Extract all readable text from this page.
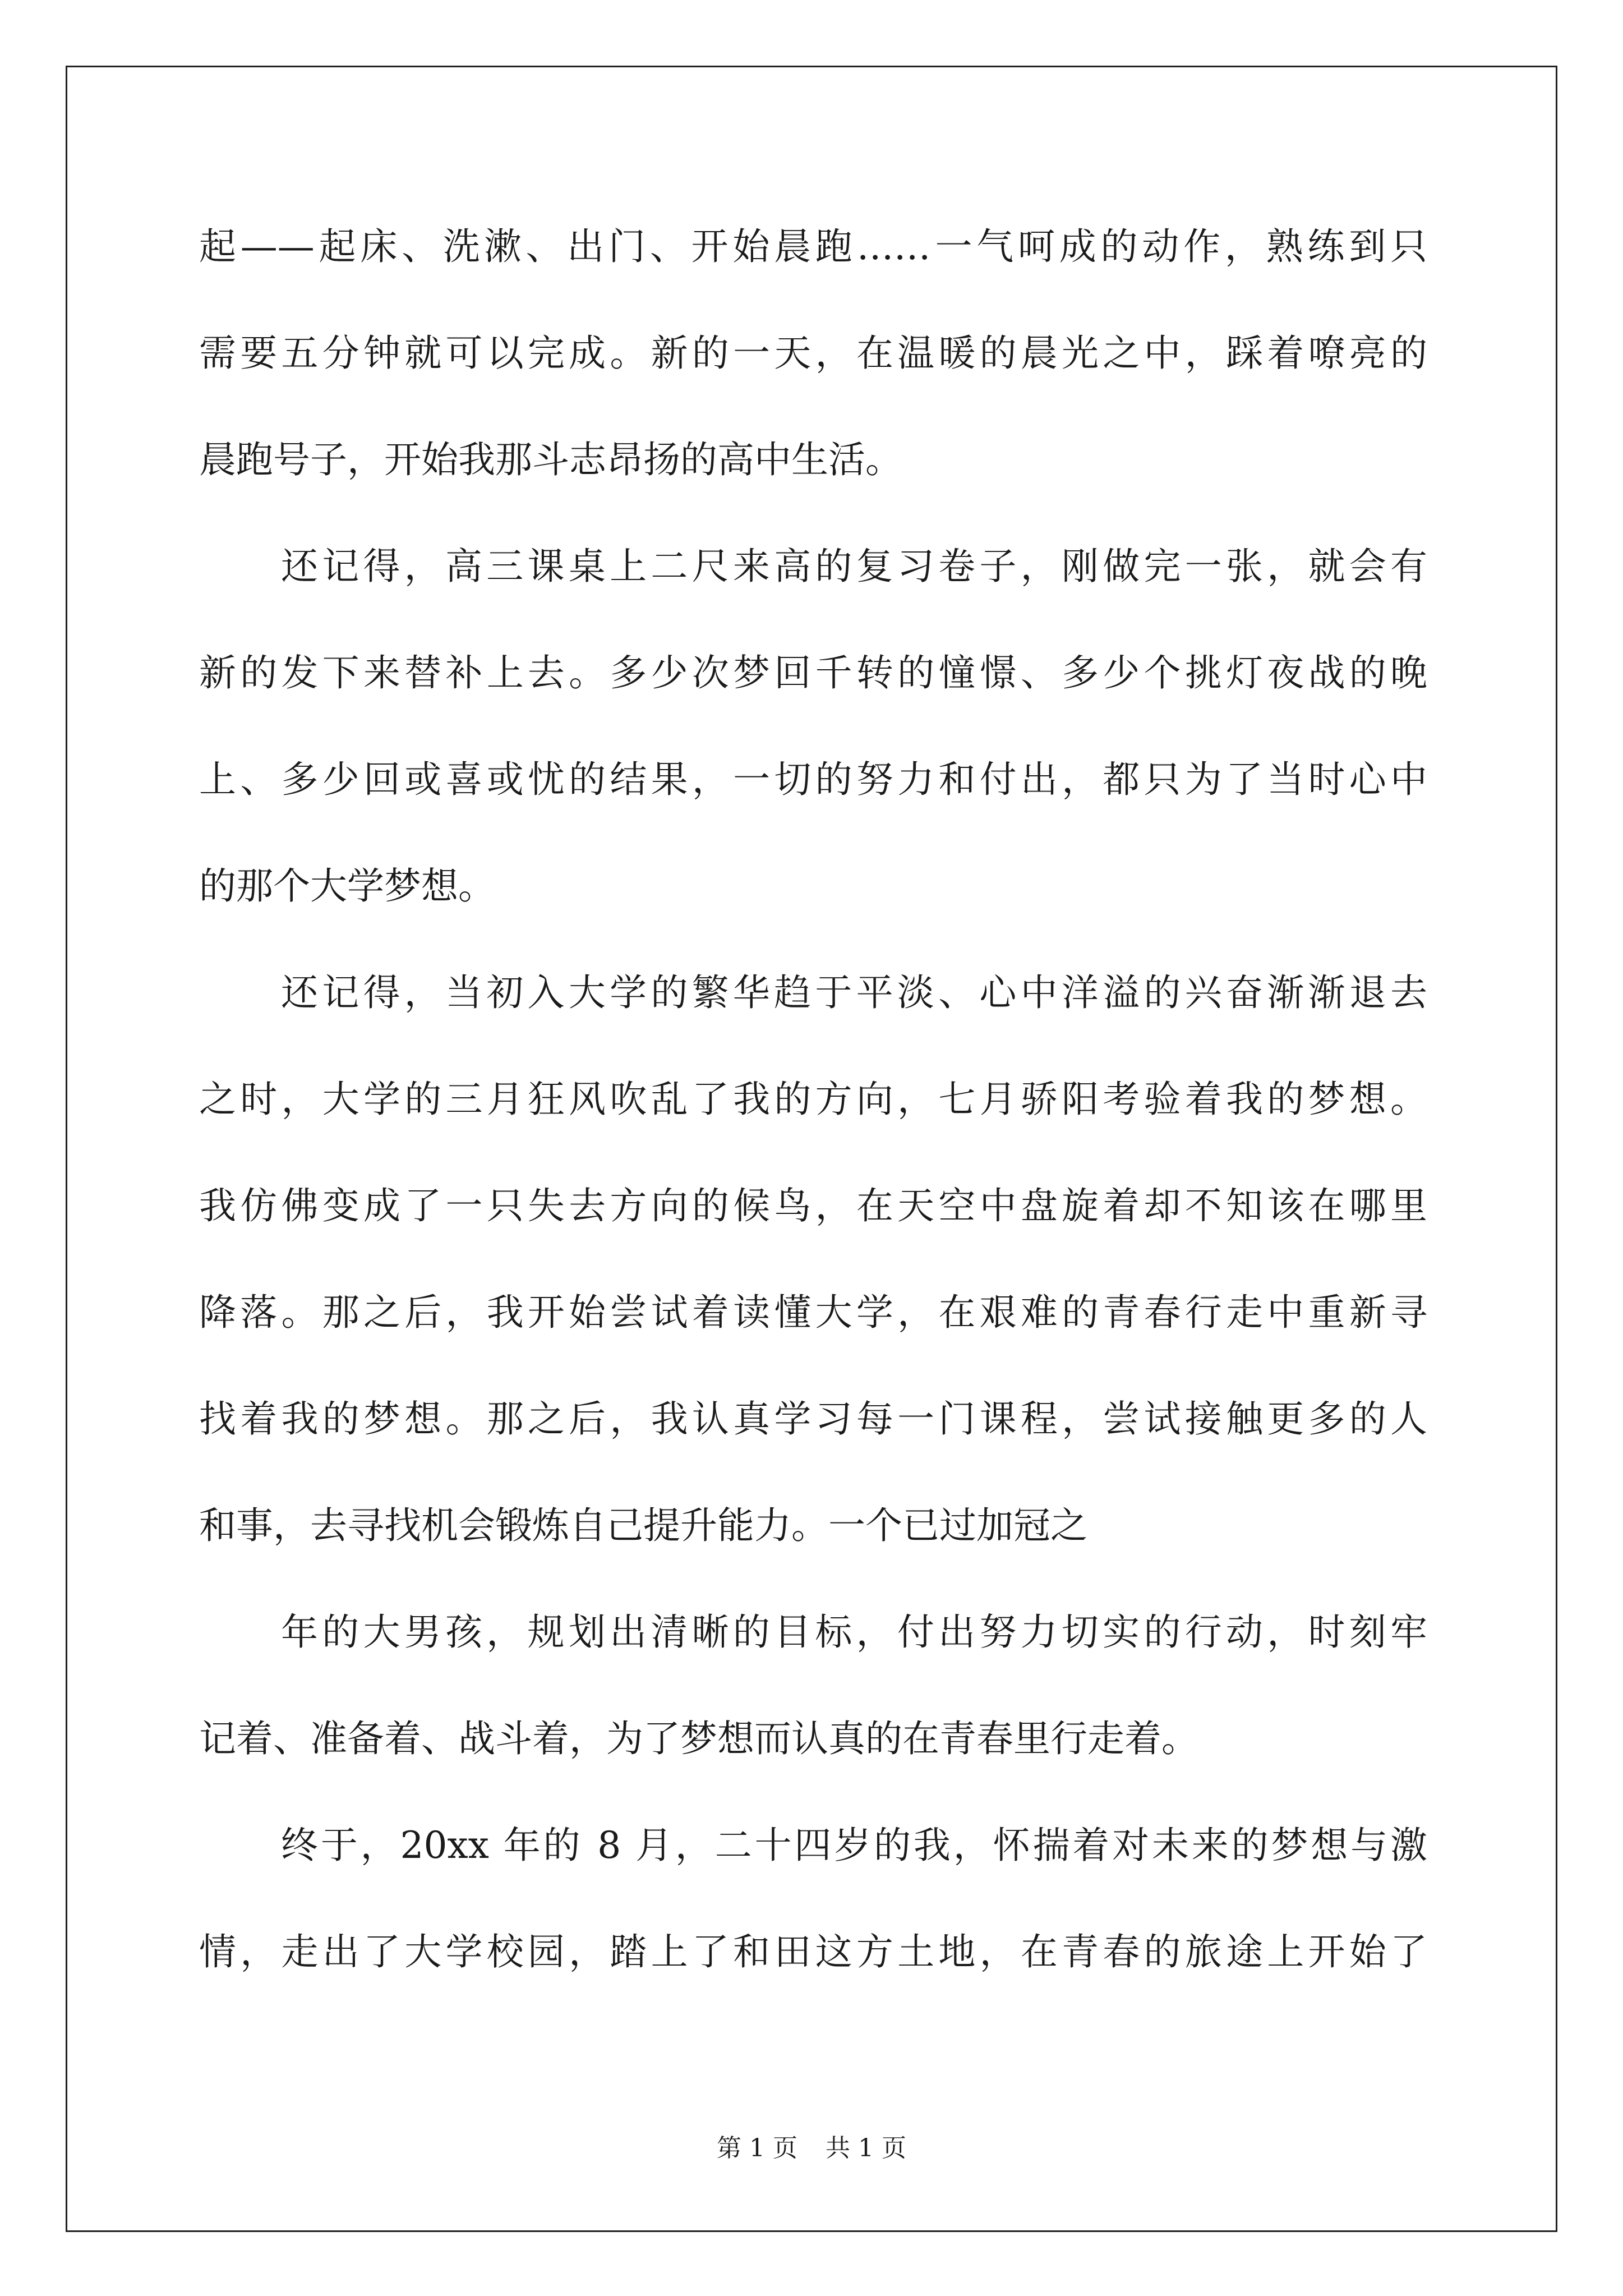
起——起床、洗漱、出门、开始晨跑……一气呵成的动作，熟练到只
需要五分钟就可以完成。新的一天，在温暖的晨光之中，踩着嘹亮的
晨跑号子，开始我那斗志昂扬的高中生活。
还记得，高三课桌上二尺来高的复习卷子，刚做完一张，就会有
新的发下来替补上去。多少次梦回千转的憧憬、多少个挑灯夜战的晚
上、多少回或喜或忧的结果，一切的努力和付出，都只为了当时心中
的那个大学梦想。
还记得，当初入大学的繁华趋于平淡、心中洋溢的兴奋渐渐退去
之时，大学的三月狂风吹乱了我的方向，七月骄阳考验着我的梦想。
我仿佛变成了一只失去方向的候鸟，在天空中盘旋着却不知该在哪里
降落。那之后，我开始尝试着读懂大学，在艰难的青春行走中重新寻
找着我的梦想。那之后，我认真学习每一门课程，尝试接触更多的人
和事，去寻找机会锻炼自己提升能力。一个已过加冠之
年的大男孩，规划出清晰的目标，付出努力切实的行动，时刻牢
记着、准备着、战斗着，为了梦想而认真的在青春里行走着。
终于，20xx 年的 8 月，二十四岁的我，怀揣着对未来的梦想与激
情，走出了大学校园，踏上了和田这方土地，在青春的旅途上开始了
第 1 页 共 1 页
